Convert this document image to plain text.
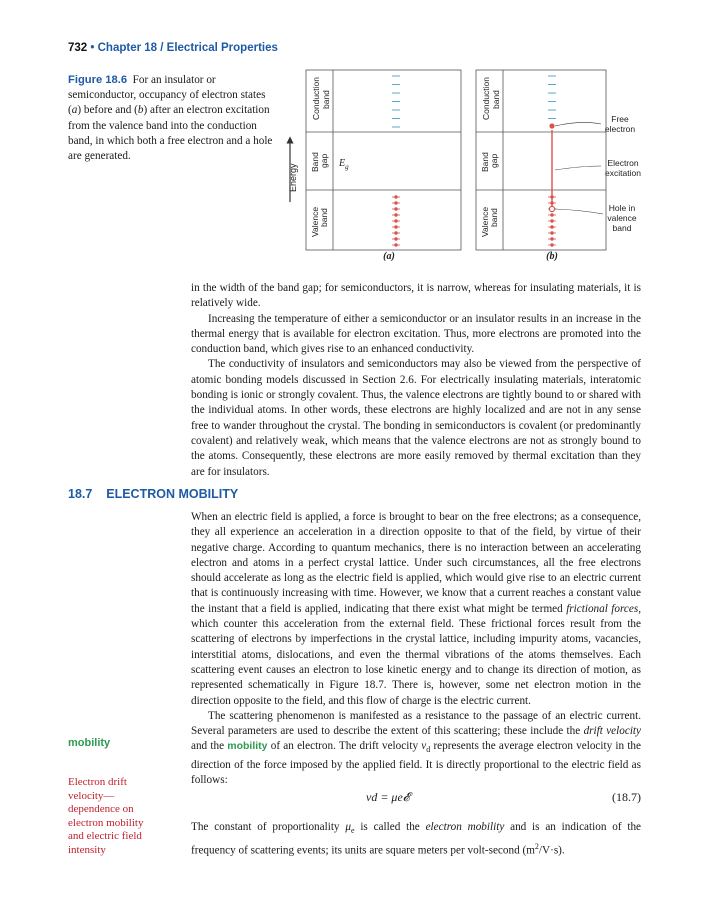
732 • Chapter 18 / Electrical Properties
Figure 18.6 For an insulator or semiconductor, occupancy of electron states (a) before and (b) after an electron excitation from the valence band into the conduction band, in which both a free electron and a hole are generated.
Energy
Conduction band
Band gap $E_g$
Valence band
(a)
Conduction band
Band gap
Valence band
Free
electron
Electron
excitation
Hole in
valence
band
(b)
in the width of the band gap; for semiconductors, it is narrow, whereas for insulating materials, it is relatively wide.
Increasing the temperature of either a semiconductor or an insulator results in an increase in the thermal energy that is available for electron excitation. Thus, more electrons are promoted into the conduction band, which gives rise to an enhanced conductivity.
The conductivity of insulators and semiconductors may also be viewed from the perspective of atomic bonding models discussed in Section 2.6. For electrically insulating materials, interatomic bonding is ionic or strongly covalent. Thus, the valence electrons are tightly bound to or shared with the individual atoms. In other words, these electrons are highly localized and are not in any sense free to wander throughout the crystal. The bonding in semiconductors is covalent (or predominantly covalent) and relatively weak, which means that the valence electrons are not as strongly bound to the atoms. Consequently, these electrons are more easily removed by thermal excitation than they are for insulators.
18.7 ELECTRON MOBILITY
When an electric field is applied, a force is brought to bear on the free electrons; as a consequence, they all experience an acceleration in a direction opposite to that of the field, by virtue of their negative charge. According to quantum mechanics, there is no interaction between an accelerating electron and atoms in a perfect crystal lattice. Under such circumstances, all the free electrons should accelerate as long as the electric field is applied, which would give rise to an electric current that is continuously increasing with time. However, we know that a current reaches a constant value the instant that a field is applied, indicating that there exist what might be termed frictional forces, which counter this acceleration from the external field. These frictional forces result from the scattering of electrons by imperfections in the crystal lattice, including impurity atoms, vacancies, interstitial atoms, dislocations, and even the thermal vibrations of the atoms themselves. Each scattering event causes an electron to lose kinetic energy and to change its direction of motion, as represented schematically in Figure 18.7. There is, however, some net electron motion in the direction opposite to the field, and this flow of charge is the electric current.
The scattering phenomenon is manifested as a resistance to the passage of an electric current. Several parameters are used to describe the extent of this scattering; these include the drift velocity and the mobility of an electron. The drift velocity $v_d$ represents the average electron velocity in the direction of the force imposed by the applied field. It is directly proportional to the electric field as follows:
vd = μe𝓔	(18.7)
The constant of proportionality $\mu_e$ is called the electron mobility and is an indication of the frequency of scattering events; its units are square meters per volt-second $(m^2/V\cdot s)$.
mobility
Electron drift
velocity—
dependence on
electron mobility
and electric field
intensity
